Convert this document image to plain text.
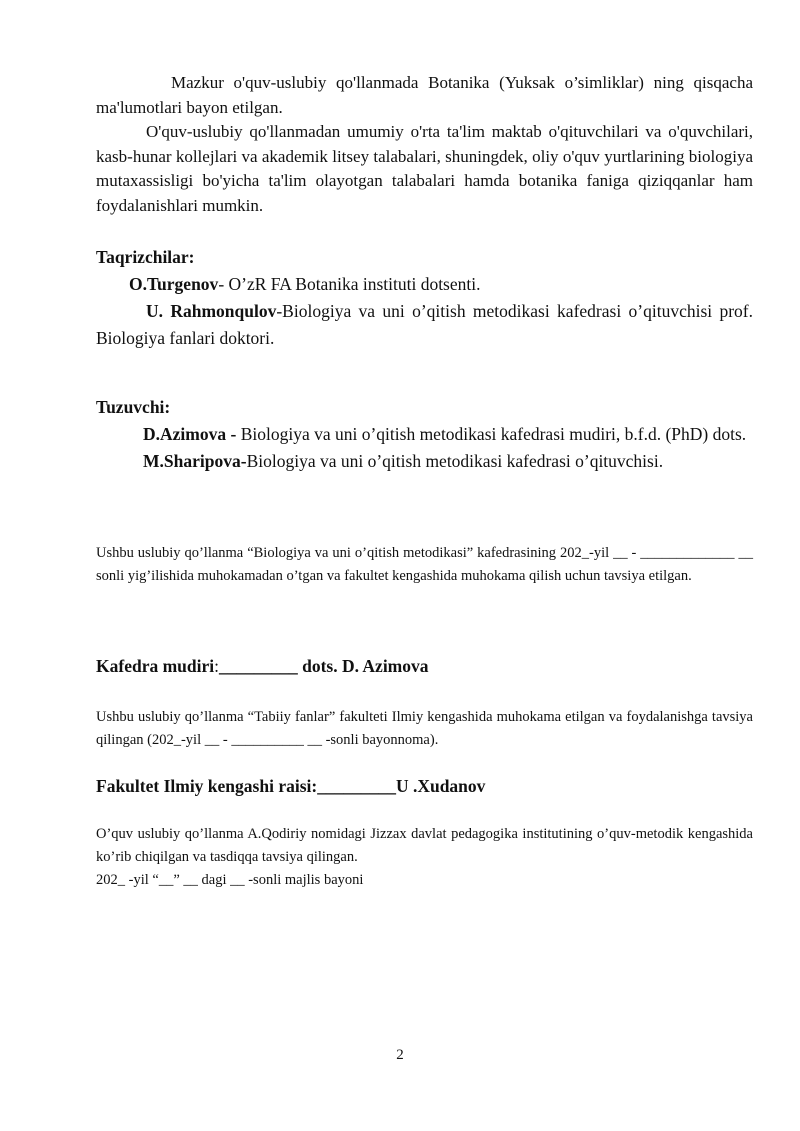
Mazkur o'quv-uslubiy qo'llanmada Botanika (Yuksak o’simliklar) ning qisqacha ma'lumotlari bayon etilgan.

O'quv-uslubiy qo'llanmadan umumiy o'rta ta'lim maktab o'qituvchilari va o'quvchilari, kasb-hunar kollejlari va akademik litsey talabalari, shuningdek, oliy o'quv yurtlarining biologiya mutaxassisligi bo'yicha ta'lim olayotgan talabalari hamda botanika faniga qiziqqanlar ham foydalanishlari mumkin.

Taqrizchilar:

O.Turgenov- O’zR FA Botanika instituti dotsenti.

U. Rahmonqulov-Biologiya va uni o’qitish metodikasi kafedrasi o’qituvchisi prof. Biologiya fanlari doktori.

Tuzuvchi:

D.Azimova - Biologiya va uni o’qitish metodikasi kafedrasi mudiri, b.f.d. (PhD) dots.

M.Sharipova-Biologiya va uni o’qitish metodikasi kafedrasi o’qituvchisi.

Ushbu uslubiy qo’llanma “Biologiya va uni o’qitish metodikasi” kafedrasining 202_-yil __ - _____________ __ sonli yig’ilishida muhokamadan o’tgan va fakultet kengashida muhokama qilish uchun tavsiya etilgan.

Kafedra mudiri:_________ dots. D. Azimova

Ushbu uslubiy qo’llanma “Tabiiy fanlar” fakulteti Ilmiy kengashida muhokama etilgan va foydalanishga tavsiya qilingan (202_-yil __ - __________ __ -sonli bayonnoma).

Fakultet Ilmiy kengashi raisi:_________U .Xudanov

O’quv uslubiy qo’llanma A.Qodiriy nomidagi Jizzax davlat pedagogika institutining o’quv-metodik kengashida ko’rib chiqilgan va tasdiqqa tavsiya qilingan.

202_ -yil “__” __ dagi __ -sonli majlis bayoni

2
